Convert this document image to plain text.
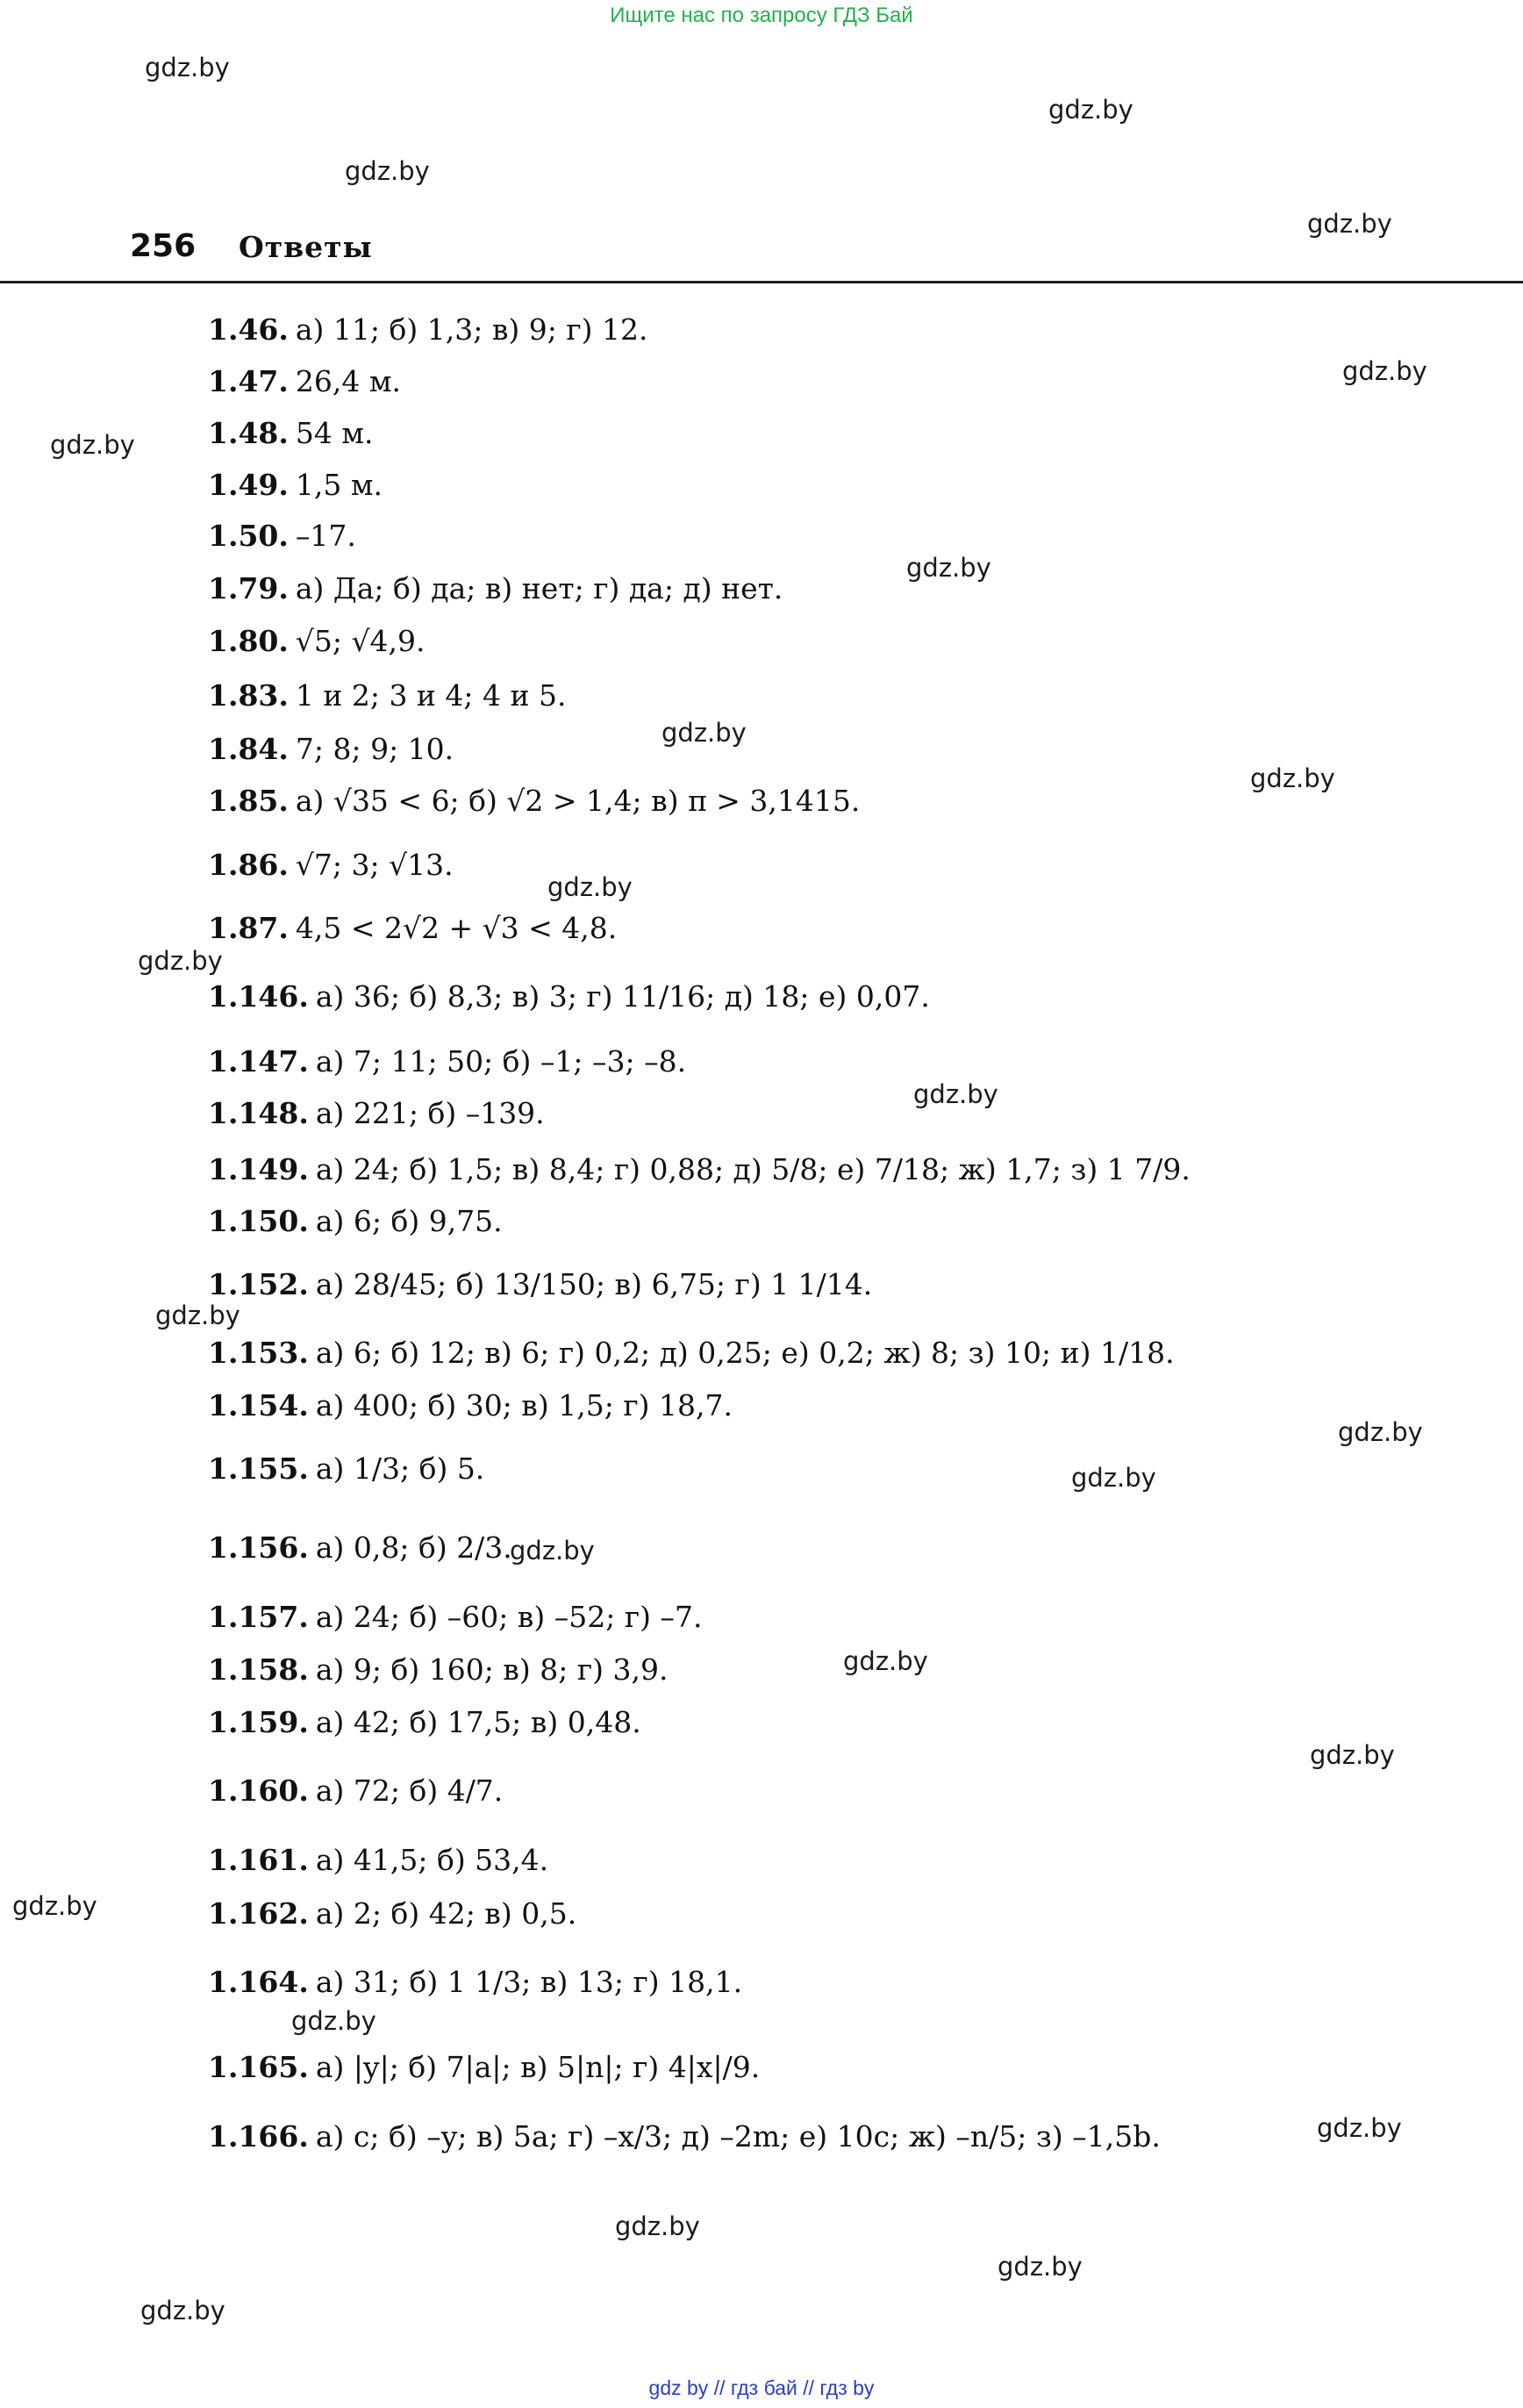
Ищите нас по запросу ГДЗ Бай
gdz.by
gdz.by
gdz.by
gdz.by
gdz.by
gdz.by
gdz.by
gdz.by
gdz.by
gdz.by
gdz.by
gdz.by
gdz.by
gdz.by
gdz.by
gdz.by
gdz.by
gdz.by
gdz.by
gdz.by
gdz.by
gdz.by
gdz.by
gdz.by
256 Ответы
1.46. а) 11; б) 1,3; в) 9; г) 12.
1.47. 26,4 м.
1.48. 54 м.
1.49. 1,5 м.
1.50. –17.
1.79. а) Да; б) да; в) нет; г) да; д) нет.
1.80. √5; √4,9.
1.83. 1 и 2; 3 и 4; 4 и 5.
1.84. 7; 8; 9; 10.
1.85. а) √35 < 6; б) √2 > 1,4; в) π > 3,1415.
1.86. √7; 3; √13.
1.87. 4,5 < 2√2 + √3 < 4,8.
1.146. а) 36; б) 8,3; в) 3; г) 11/16; д) 18; е) 0,07.
1.147. а) 7; 11; 50; б) –1; –3; –8.
1.148. а) 221; б) –139.
1.149. а) 24; б) 1,5; в) 8,4; г) 0,88; д) 5/8; е) 7/18; ж) 1,7; з) 1 7/9.
1.150. а) 6; б) 9,75.
1.152. а) 28/45; б) 13/150; в) 6,75; г) 1 1/14.
1.153. а) 6; б) 12; в) 6; г) 0,2; д) 0,25; е) 0,2; ж) 8; з) 10; и) 1/18.
1.154. а) 400; б) 30; в) 1,5; г) 18,7.
1.155. а) 1/3; б) 5.
1.156. а) 0,8; б) 2/3.
1.157. а) 24; б) –60; в) –52; г) –7.
1.158. а) 9; б) 160; в) 8; г) 3,9.
1.159. а) 42; б) 17,5; в) 0,48.
1.160. а) 72; б) 4/7.
1.161. а) 41,5; б) 53,4.
1.162. а) 2; б) 42; в) 0,5.
1.164. а) 31; б) 1 1/3; в) 13; г) 18,1.
1.165. а) |y|; б) 7|a|; в) 5|n|; г) 4|x|/9.
1.166. а) c; б) –y; в) 5a; г) –x/3; д) –2m; е) 10c; ж) –n/5; з) –1,5b.
gdz by // гдз бай // гдз by
